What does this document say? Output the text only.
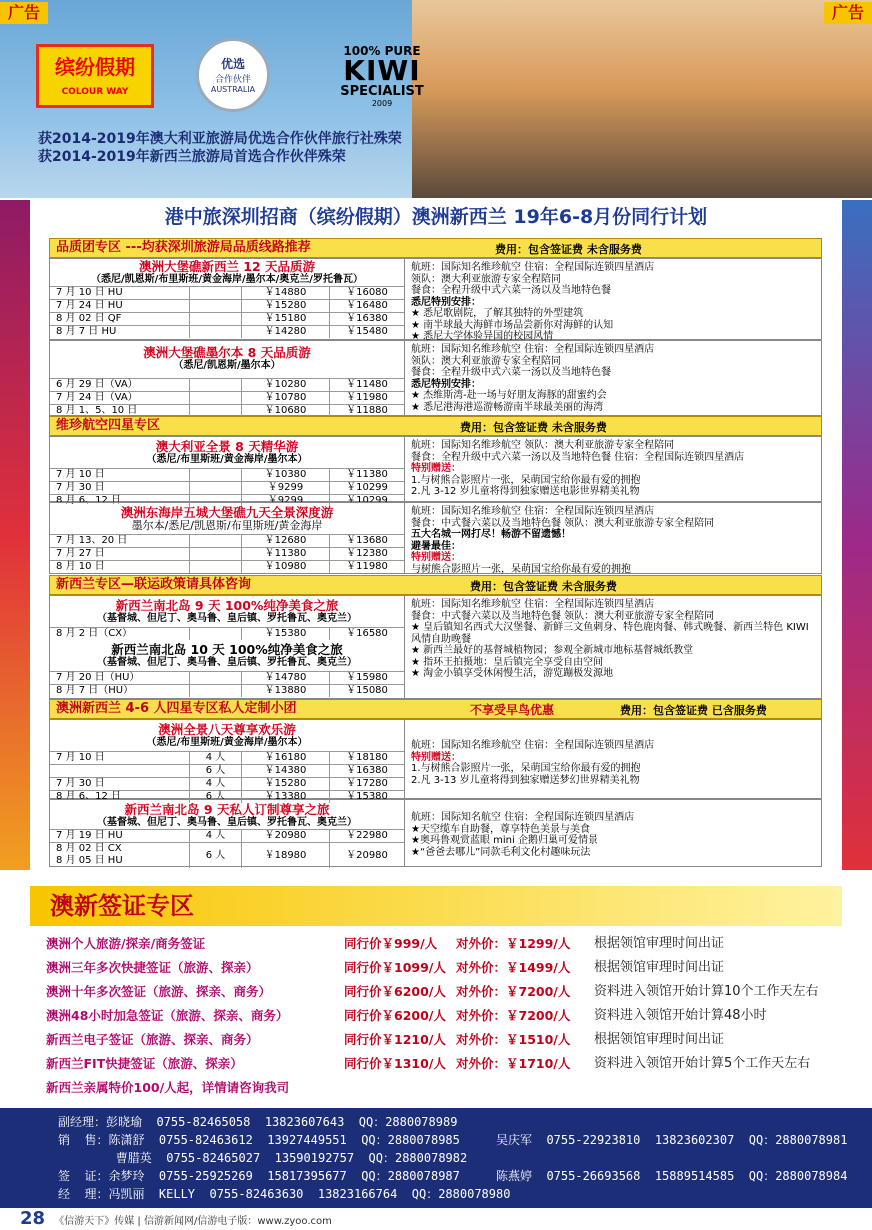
广告	广告
缤纷假期
COLOUR WAY
优选
合作伙伴
AUSTRALIA
100% PURE
KIWI
SPECIALIST
2009
获2014-2019年澳大利亚旅游局优选合作伙伴旅行社殊荣
获2014-2019年新西兰旅游局首选合作伙伴殊荣
港中旅深圳招商（缤纷假期）澳洲新西兰 19年6-8月份同行计划
品质团专区 ---均获深圳旅游局品质线路推荐	费用：包含签证费 未含服务费
澳洲大堡礁新西兰 12 天品质游
（悉尼/凯恩斯/布里斯班/黄金海岸/墨尔本/奥克兰/罗托鲁瓦）
7 月 10 日 HU	￥14880	￥16080
7 月 24 日 HU	￥15280	￥16480
8 月 02 日 QF	￥15180	￥16380
8 月 7 日 HU	￥14280	￥15480
航班：国际知名维珍航空 住宿：全程国际连锁四星酒店
领队：澳大利亚旅游专家全程陪同
餐食：全程升级中式六菜一汤以及当地特色餐
悉尼特别安排：
★ 悉尼歌剧院，了解其独特的外型建筑
★ 南半球最大海鲜市场品尝新你对海鲜的认知
★ 悉尼大学体验异国的校园风情
澳洲大堡礁墨尔本 8 天品质游
（悉尼/凯恩斯/墨尔本）
6 月 29 日（VA）	￥10280	￥11480
7 月 24 日（VA）	￥10780	￥11980
8 月 1、5、10 日	￥10680	￥11880
航班：国际知名维珍航空 住宿：全程国际连锁四星酒店
领队：澳大利亚旅游专家全程陪同
餐食：全程升级中式六菜一汤以及当地特色餐
悉尼特别安排：
★ 杰维斯湾-赴一场与好朋友海豚的甜蜜约会
★ 悉尼港海港巡游畅游南半球最美丽的海湾
维珍航空四星专区	费用：包含签证费 未含服务费
澳大利亚全景 8 天精华游
（悉尼/布里斯班/黄金海岸/墨尔本）
7 月 10 日	￥10380	￥11380
7 月 30 日	￥9299	￥10299
8 月 6、12 日	￥9299	￥10299
航班：国际知名维珍航空 领队：澳大利亚旅游专家全程陪同
餐食：全程升级中式六菜一汤以及当地特色餐 住宿：全程国际连锁四星酒店
特别赠送：
1.与树熊合影照片一张，呆萌国宝给你最有爱的拥抱
2.凡 3-12 岁儿童将得到独家赠送电影世界精美礼物
澳洲东海岸五城大堡礁九天全景深度游
墨尔本/悉尼/凯恩斯/布里斯班/黄金海岸
7 月 13、20 日	￥12680	￥13680
7 月 27 日	￥11380	￥12380
8 月 10 日	￥10980	￥11980
航班：国际知名维珍航空 住宿：全程国际连锁四星酒店
餐食：中式餐六菜以及当地特色餐 领队：澳大利亚旅游专家全程陪同
五大名城一网打尽！畅游不留遗憾！
避暑最佳：
特别赠送：
与树熊合影照片一张，呆萌国宝给你最有爱的拥抱
新西兰专区—联运政策请具体咨询	费用：包含签证费 未含服务费
新西兰南北岛 9 天 100%纯净美食之旅
（基督城、但尼丁、奥马鲁、皇后镇、罗托鲁瓦、奥克兰）
8 月 2 日（CX）	￥15380	￥16580
新西兰南北岛 10 天 100%纯净美食之旅
（基督城、但尼丁、奥马鲁、皇后镇、罗托鲁瓦、奥克兰）
7 月 20 日（HU）	￥14780	￥15980
8 月 7 日（HU）	￥13880	￥15080
航班：国际知名维珍航空 住宿：全程国际连锁四星酒店
餐食：中式餐六菜以及当地特色餐 领队：澳大利亚旅游专家全程陪同
★ 皇后镇知名西式大汉堡餐、新鲜三文鱼刺身、特色鹿肉餐、韩式晚餐、新西兰特色 KIWI 风情自助晚餐
★ 新西兰最好的基督城植物园；参观全新城市地标基督城纸教堂
★ 指环王拍摄地：皇后镇完全享受自由空间
★ 淘金小镇享受休闲慢生活，游览蹦极发源地
澳洲新西兰 4-6 人四星专区私人定制小团	不享受早鸟优惠	费用：包含签证费 已含服务费
澳洲全景八天尊享欢乐游
（悉尼/布里斯班/黄金海岸/墨尔本）
7 月 10 日	4 人	￥16180	￥18180
6 人	￥14380	￥16380
7 月 30 日	4 人	￥15280	￥17280
8 月 6、12 日	6 人	￥13380	￥15380
航班：国际知名维珍航空 住宿：全程国际连锁四星酒店
特别赠送：
1.与树熊合影照片一张，呆萌国宝给你最有爱的拥抱
2.凡 3-13 岁儿童将得到独家赠送梦幻世界精美礼物
新西兰南北岛 9 天私人订制尊享之旅
（基督城、但尼丁、奥马鲁、皇后镇、罗托鲁瓦、奥克兰）
7 月 19 日 HU	4 人	￥20980	￥22980
8 月 02 日 CX
8 月 05 日 HU	6 人	￥18980	￥20980
航班：国际知名航空 住宿：全程国际连锁四星酒店
★天空缆车自助餐，尊享特色美景与美食
★奥玛鲁观赏蓝眼 mini 企鹅归巢可爱情景
★“爸爸去哪儿”同款毛利文化村趣味玩法
澳新签证专区
澳洲个人旅游/探亲/商务签证	同行价￥999/人 对外价：￥1299/人 根据领馆审理时间出证
澳洲三年多次快捷签证（旅游、探亲）	同行价￥1099/人 对外价：￥1499/人 根据领馆审理时间出证
澳洲十年多次签证（旅游、探亲、商务）	同行价￥6200/人 对外价：￥7200/人 资料进入领馆开始计算10个工作天左右
澳洲48小时加急签证（旅游、探亲、商务）	同行价￥6200/人 对外价：￥7200/人 资料进入领馆开始计算48小时
新西兰电子签证（旅游、探亲、商务）	同行价￥1210/人 对外价：￥1510/人 根据领馆审理时间出证
新西兰FIT快捷签证（旅游、探亲）	同行价￥1310/人 对外价：￥1710/人 资料进入领馆开始计算5个工作天左右
新西兰亲属特价100/人起，详情请咨询我司
副经理：彭晓瑜  0755-82465058  13823607643  QQ：2880078989
销  售：陈潇舒  0755-82463612  13927449551  QQ：2880078985     吴庆军  0755-22923810  13823602307  QQ：2880078981
曹腊英  0755-82465027  13590192757  QQ：2880078982
签  证：余梦玲  0755-25925269  15817395677  QQ：2880078987     陈燕婷  0755-26693568  15889514585  QQ：2880078984
经  理：冯凯丽  KELLY  0755-82463630  13823166764  QQ：2880078980
28 《信游天下》传媒 | 信游新闻网/信游电子版：www.zyoo.com
